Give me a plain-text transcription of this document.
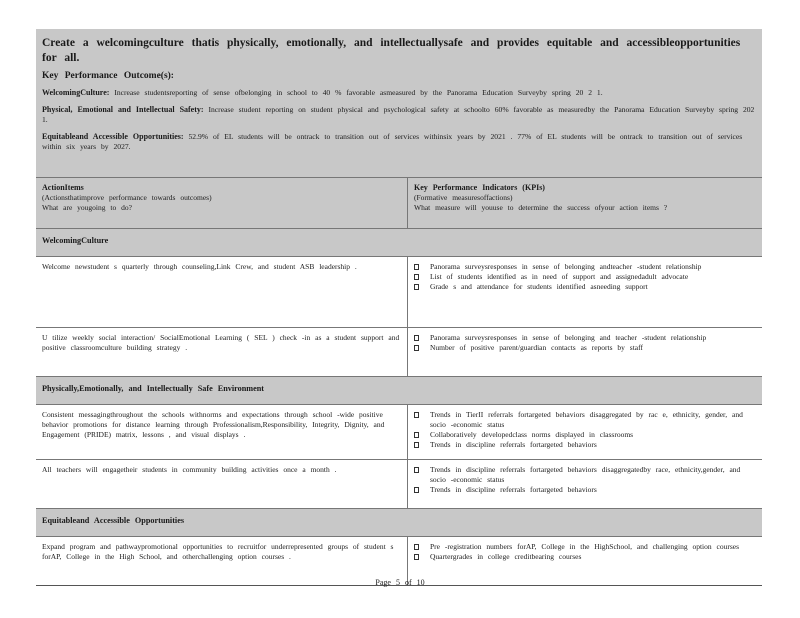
Create a welcomingculture thatis physically, emotionally, and intellectuallysafe and provides equitable and accessibleopportunities for all.
Key Performance Outcome(s):
WelcomingCulture: Increase studentsreporting of sense ofbelonging in school to 40 % favorable asmeasured by the Panorama Education Surveyby spring 20 2 1.
Physical, Emotional and Intellectual Safety: Increase student reporting on student physical and psychological safety at schoolto 60% favorable as measuredby the Panorama Education Surveyby spring 202 1.
Equitableand Accessible Opportunities: 52.9% of EL students will be ontrack to transition out of services withinsix years by 2021 . 77% of EL students will be ontrack to transition out of services within six years by 2027.
ActionItems
(Actionsthatimprove performance towards outcomes)
What are yougoing to do?
Key Performance Indicators (KPIs)
(Formative measuresoffactions)
What measure will youuse to determine the success ofyour action items ?
WelcomingCulture
Welcome newstudent s quarterly through counseling,Link Crew, and student ASB leadership .	Panorama surveysresponses in sense of belonging andteacher -student relationship
List of students identified as in need of support and assignedadult advocate
Grade s and attendance for students identified asneeding support
U tilize weekly social interaction/ SocialEmotional Learning ( SEL ) check -in as a student support and positive classroomculture building strategy .
Panorama surveysresponses in sense of belonging and teacher -student relationship
Number of positive parent/guardian contacts as reports by staff
Physically,Emotionally, and Intellectually Safe Environment
Consistent messagingthroughout the schools withnorms and expectations through school -wide positive behavior promotions for distance learning through Professionalism,Responsibility, Integrity, Dignity, and Engagement (PRIDE) matrix, lessons , and visual displays .
Trends in TierII referrals fortargeted behaviors disaggregated by rac e, ethnicity, gender, and socio -economic status
Collaboratively developedclass norms displayed in classrooms
Trends in discipline referrals fortargeted behaviors
All teachers will engagetheir students in community building activities once a month .	Trends in discipline referrals fortargeted behaviors disaggregatedby race, ethnicity,gender, and socio -economic status
Trends in discipline referrals fortargeted behaviors
Equitableand Accessible Opportunities
Expand program and pathwaypromotional opportunities to recruitfor underrepresented groups of student s forAP, College in the High School, and otherchallenging option courses .
Pre -registration numbers forAP, College in the HighSchool, and challenging option courses
Quartergrades in college creditbearing courses
Page 5 of 10
